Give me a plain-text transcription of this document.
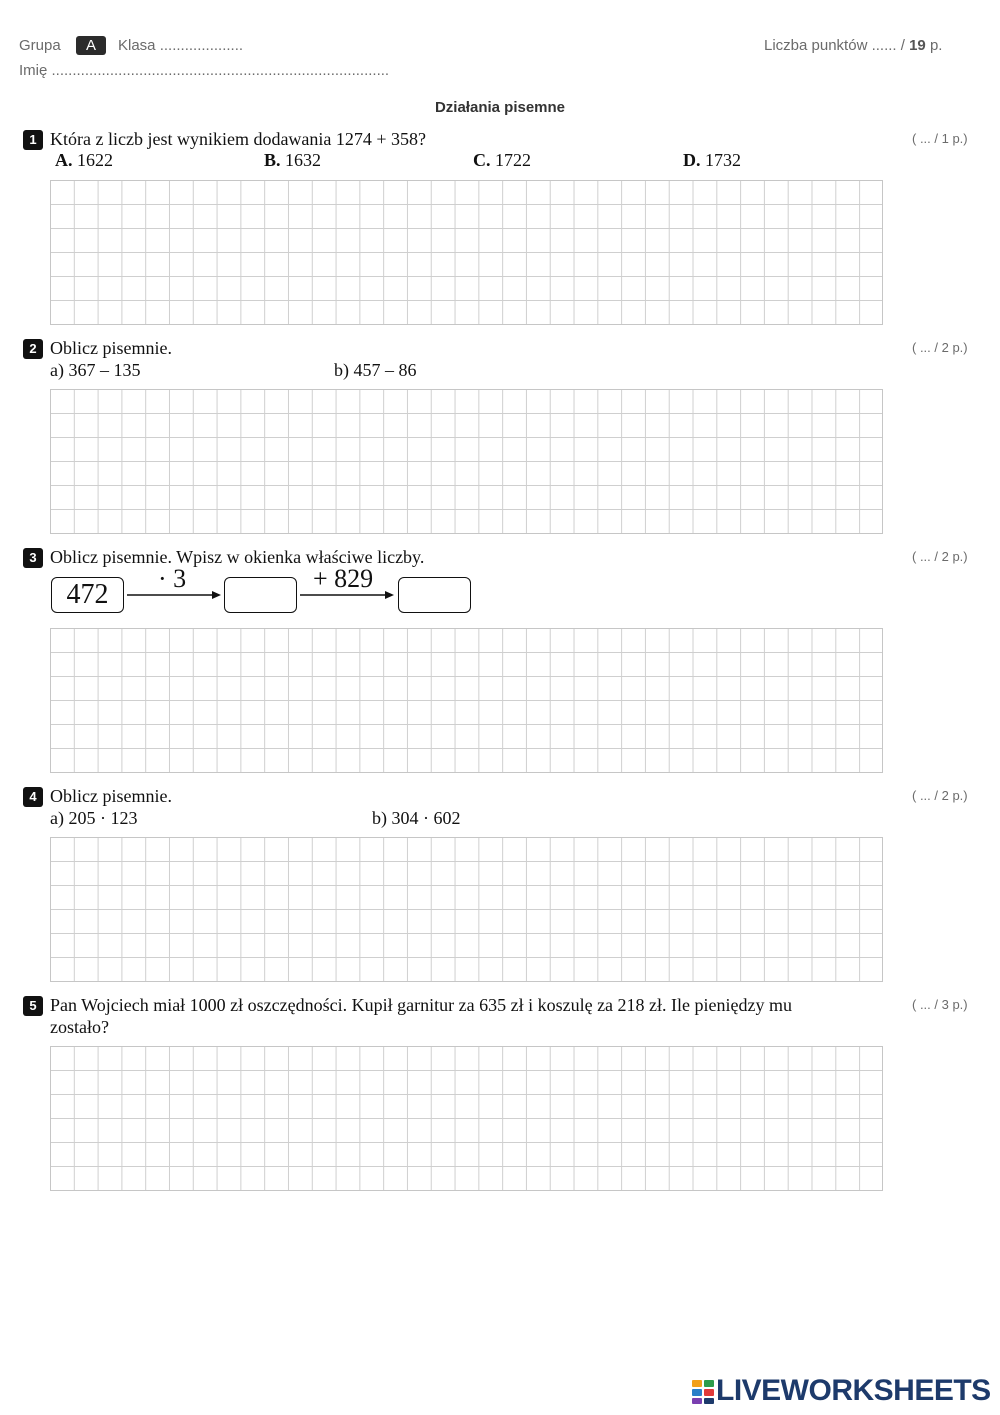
Grupa	A	Klasa ....................
Imię .................................................................................
Liczba punktów ...... / 19 p.
Działania pisemne
1 Która z liczb jest wynikiem dodawania 1274 + 358?	( ... / 1 p.)
A. 1622	B. 1632	C. 1722	D. 1732
2 Oblicz pisemnie.	( ... / 2 p.)
a) 367 – 135	b) 457 – 86
3 Oblicz pisemnie. Wpisz w okienka właściwe liczby.	( ... / 2 p.)
472
· 3	+ 829
4 Oblicz pisemnie.	( ... / 2 p.)
a) 205 · 123	b) 304 · 602
5 Pan Wojciech miał 1000 zł oszczędności. Kupił garnitur za 635 zł i koszulę za 218 zł. Ile pieniędzy mu
zostało?
( ... / 3 p.)
LIVEWORKSHEETS
